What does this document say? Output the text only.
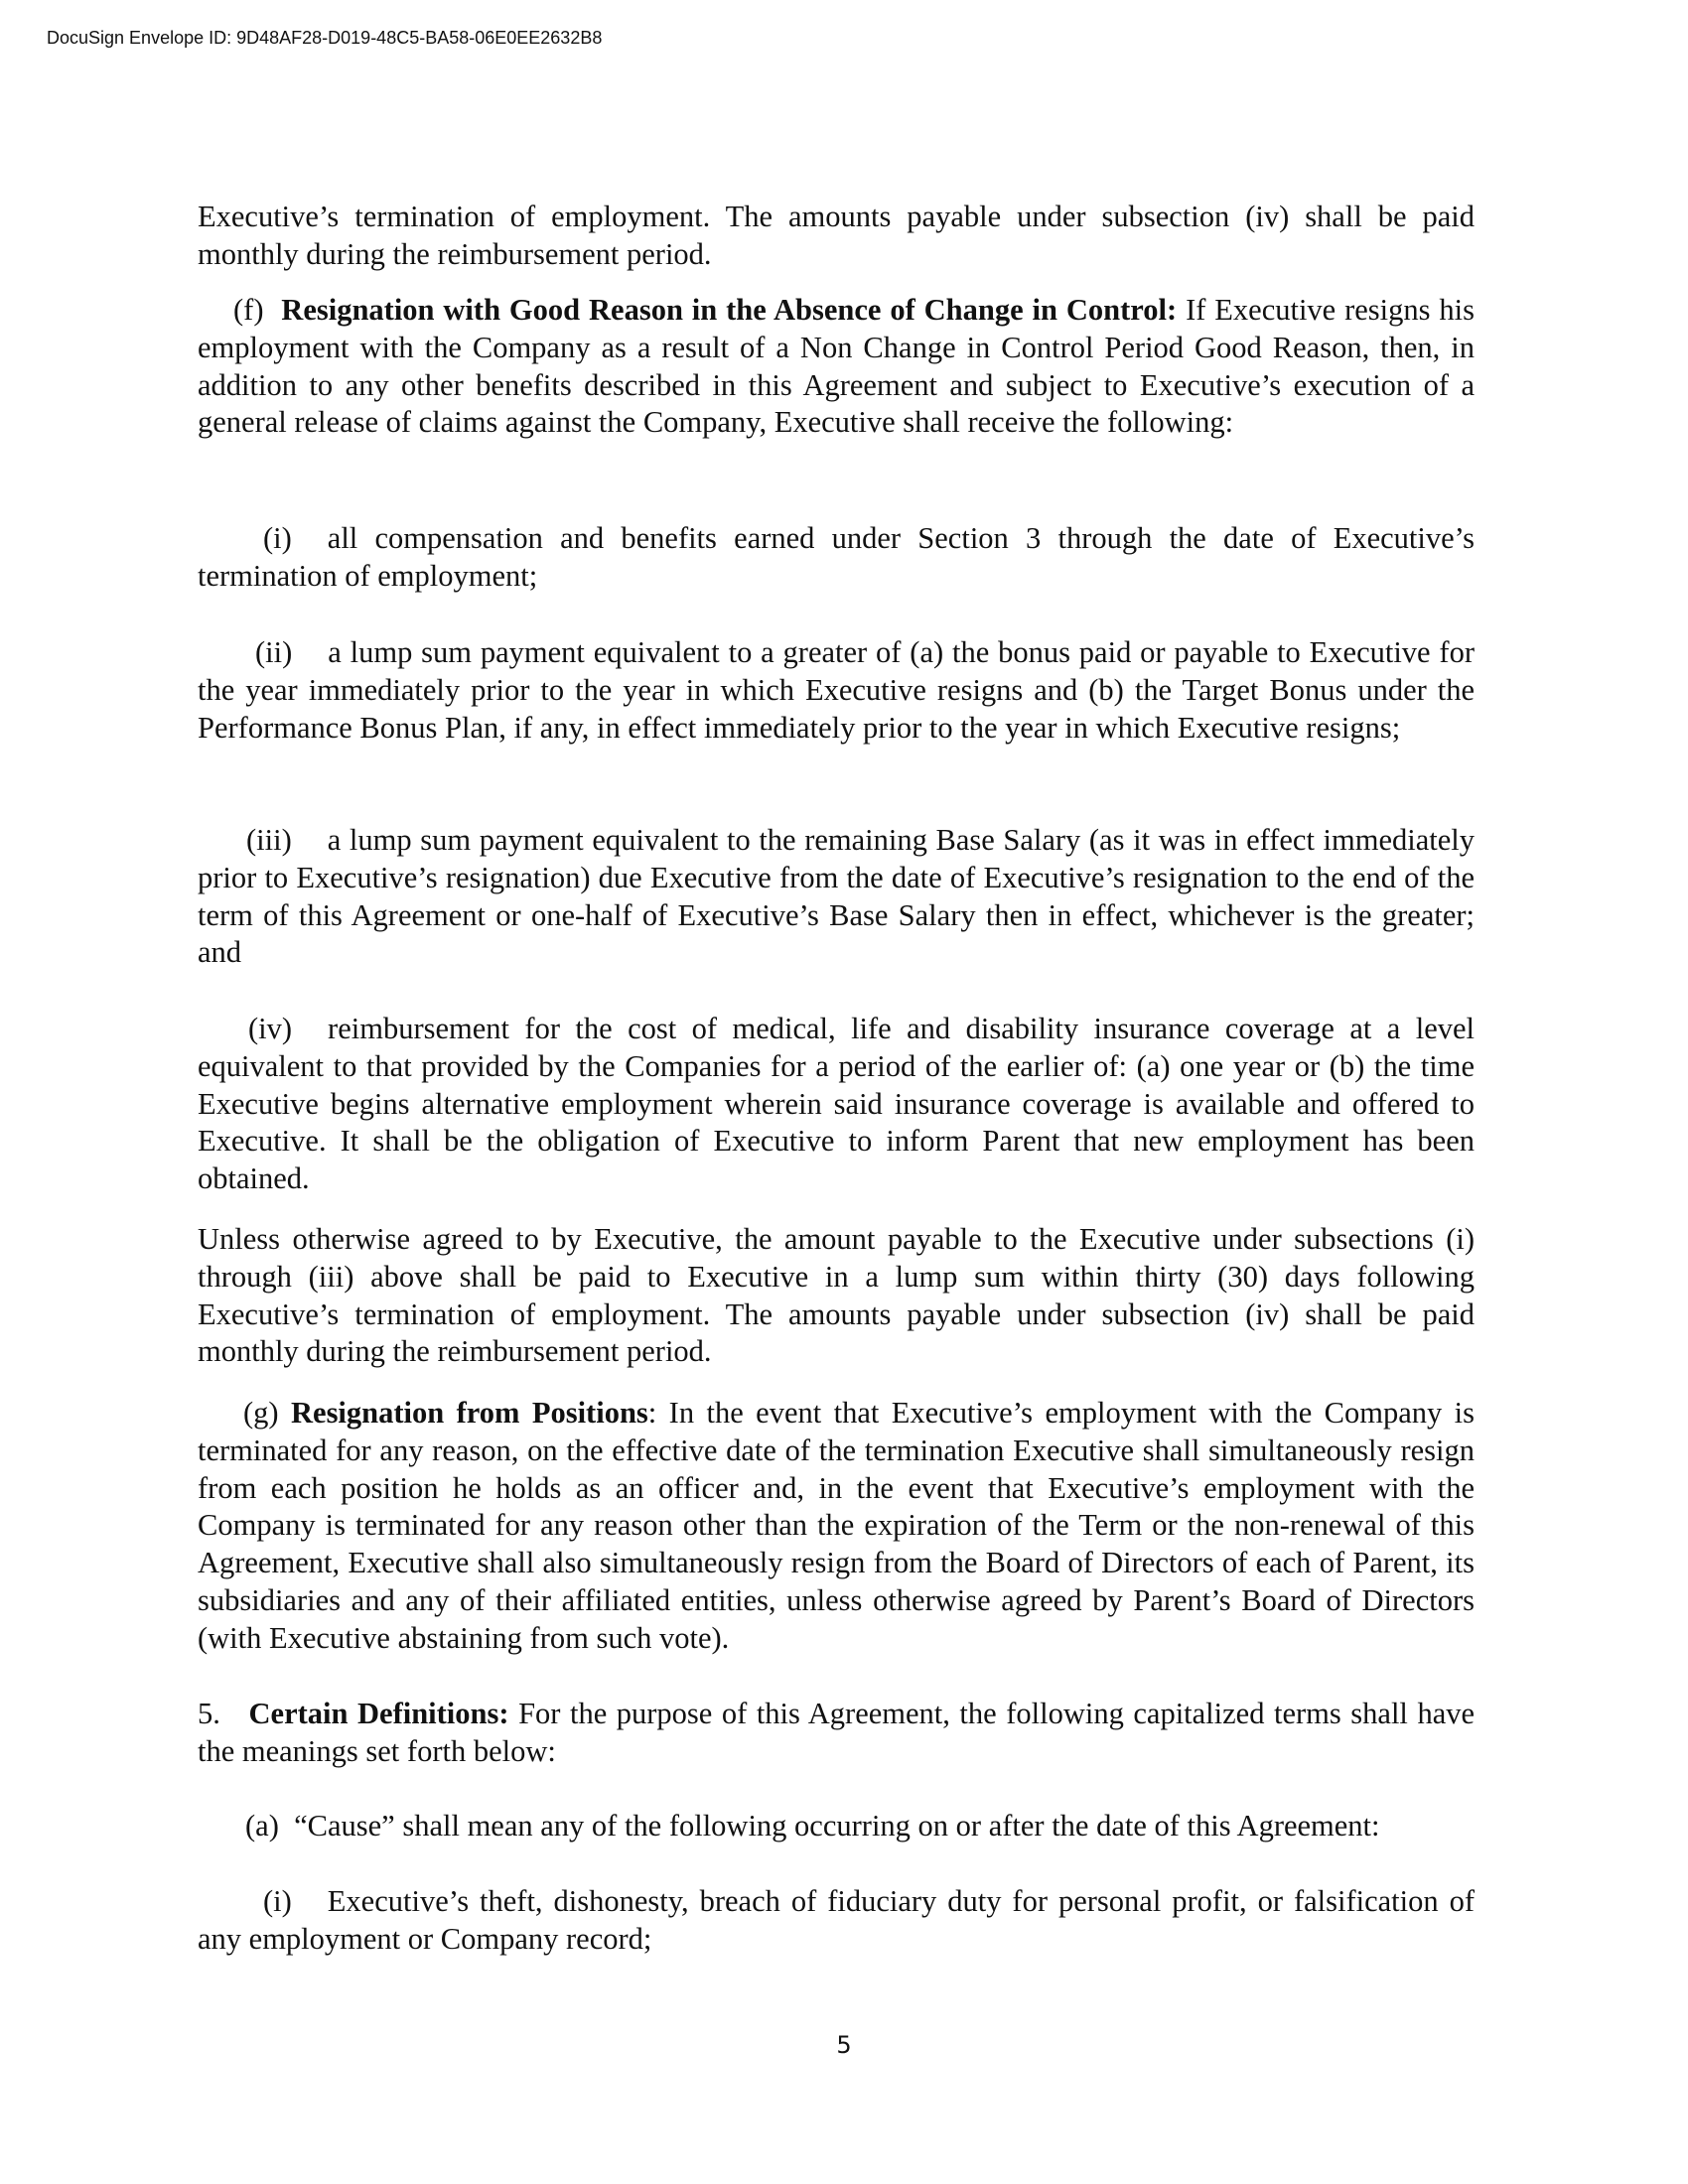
DocuSign Envelope ID: 9D48AF28-D019-48C5-BA58-06E0EE2632B8
Executive’s termination of employment. The amounts payable under subsection (iv) shall be paid monthly during the reimbursement period.
(f) Resignation with Good Reason in the Absence of Change in Control: If Executive resigns his employment with the Company as a result of a Non Change in Control Period Good Reason, then, in addition to any other benefits described in this Agreement and subject to Executive’s execution of a general release of claims against the Company, Executive shall receive the following:
(i) all compensation and benefits earned under Section 3 through the date of Executive’s termination of employment;
(ii) a lump sum payment equivalent to a greater of (a) the bonus paid or payable to Executive for the year immediately prior to the year in which Executive resigns and (b) the Target Bonus under the Performance Bonus Plan, if any, in effect immediately prior to the year in which Executive resigns;
(iii) a lump sum payment equivalent to the remaining Base Salary (as it was in effect immediately prior to Executive’s resignation) due Executive from the date of Executive’s resignation to the end of the term of this Agreement or one-half of Executive’s Base Salary then in effect, whichever is the greater; and
(iv) reimbursement for the cost of medical, life and disability insurance coverage at a level equivalent to that provided by the Companies for a period of the earlier of: (a) one year or (b) the time Executive begins alternative employment wherein said insurance coverage is available and offered to Executive. It shall be the obligation of Executive to inform Parent that new employment has been obtained.
Unless otherwise agreed to by Executive, the amount payable to the Executive under subsections (i) through (iii) above shall be paid to Executive in a lump sum within thirty (30) days following Executive’s termination of employment. The amounts payable under subsection (iv) shall be paid monthly during the reimbursement period.
(g) Resignation from Positions: In the event that Executive’s employment with the Company is terminated for any reason, on the effective date of the termination Executive shall simultaneously resign from each position he holds as an officer and, in the event that Executive’s employment with the Company is terminated for any reason other than the expiration of the Term or the non-renewal of this Agreement, Executive shall also simultaneously resign from the Board of Directors of each of Parent, its subsidiaries and any of their affiliated entities, unless otherwise agreed by Parent’s Board of Directors (with Executive abstaining from such vote).
5. Certain Definitions: For the purpose of this Agreement, the following capitalized terms shall have the meanings set forth below:
(a) “Cause” shall mean any of the following occurring on or after the date of this Agreement:
(i) Executive’s theft, dishonesty, breach of fiduciary duty for personal profit, or falsification of any employment or Company record;
5
